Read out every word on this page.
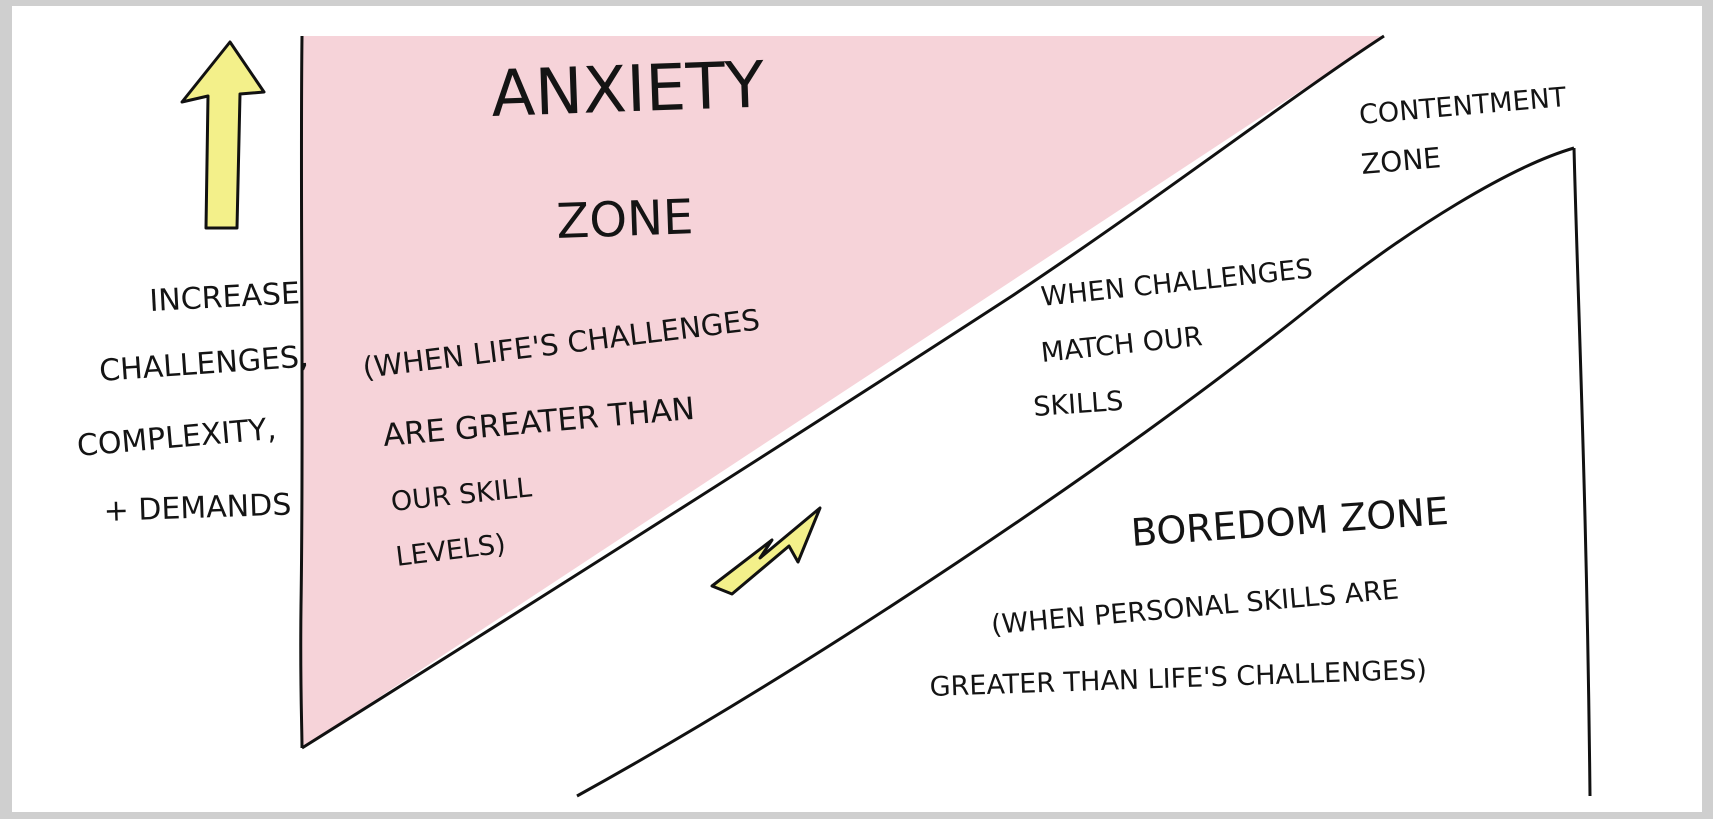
INCREASE
CHALLENGES,
COMPLEXITY,
+ DEMANDS
ANXIETY
ZONE
(WHEN LIFE'S CHALLENGES
ARE GREATER THAN
OUR SKILL
LEVELS)
CONTENTMENT
ZONE
WHEN CHALLENGES
MATCH OUR
SKILLS
BOREDOM ZONE
(WHEN PERSONAL SKILLS ARE
GREATER THAN LIFE'S CHALLENGES)
